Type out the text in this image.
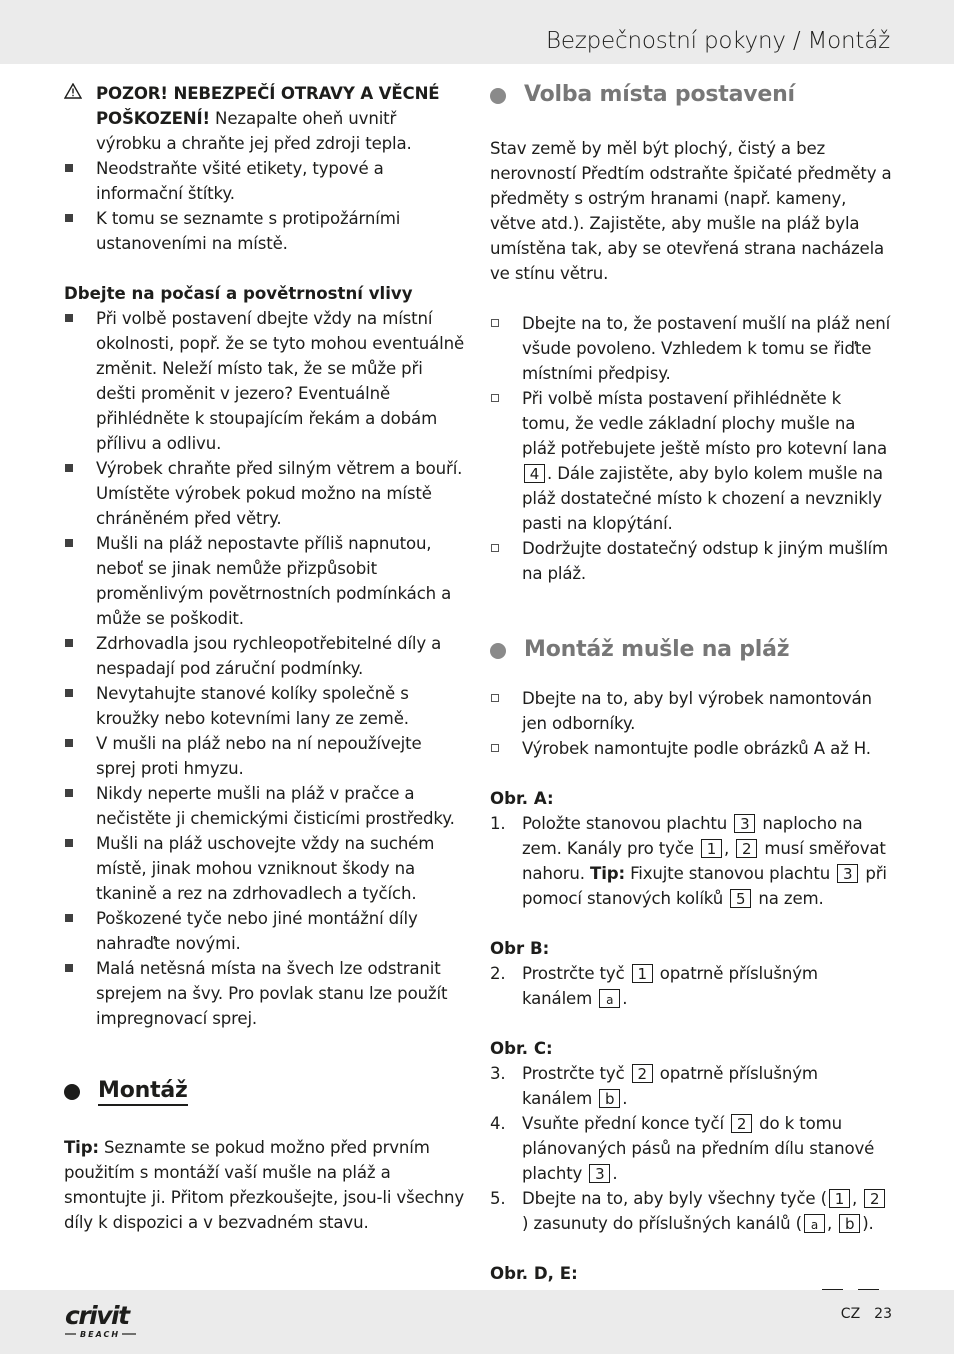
Bezpečnostní pokyny / Montáž
POZOR! NEBEZPEČÍ OTRAVY A VĚCNÉ POŠKOZENÍ! Nezapalte oheň uvnitř výrobku a chraňte jej před zdroji tepla.
Neodstraňte všité etikety, typové a informační štítky.
K tomu se seznamte s protipožárními ustanoveními na místě.
Dbejte na počasí a povětrnostní vlivy
Při volbě postavení dbejte vždy na místní okolnosti, popř. že se tyto mohou eventuálně změnit. Neleží místo tak, že se může při dešti proměnit v jezero? Eventuálně přihlédněte k stoupajícím řekám a dobám přílivu a odlivu.
Výrobek chraňte před silným větrem a bouří. Umístěte výrobek pokud možno na místě chráněném před větry.
Mušli na pláž nepostavte příliš napnutou, neboť se jinak nemůže přizpůsobit proměnlivým povětrnostních podmínkách a může se poškodit.
Zdrhovadla jsou rychleopotřebitelné díly a nespadají pod záruční podmínky.
Nevytahujte stanové kolíky společně s kroužky nebo kotevními lany ze země.
V mušli na pláž nebo na ní nepoužívejte sprej proti hmyzu.
Nikdy neperte mušli na pláž v pračce a nečistěte ji chemickými čisticími prostředky.
Mušli na pláž uschovejte vždy na suchém místě, jinak mohou vzniknout škody na tkanině a rez na zdrhovadlech a tyčích.
Poškozené tyče nebo jiné montážní díly nahraďte novými.
Malá netěsná místa na švech lze odstranit sprejem na švy. Pro povlak stanu lze použít impregnovací sprej.
Montáž

Tip: Seznamte se pokud možno před prvním použitím s montáží vaší mušle na pláž a smontujte ji. Přitom přezkoušejte, jsou-li všechny díly k dispozici a v bezvadném stavu.

Volba místa postavení

Stav země by měl být plochý, čistý a bez nerovností Předtím odstraňte špičaté předměty a předměty s ostrým hranami (např. kameny, větve atd.). Zajistěte, aby mušle na pláž byla umístěna tak, aby se otevřená strana nacházela ve stínu větru.

Dbejte na to, že postavení mušlí na pláž není všude povoleno. Vzhledem k tomu se řiďte místními předpisy.
Při volbě místa postavení přihlédněte k tomu, že vedle základní plochy mušle na pláž potřebujete ještě místo pro kotevní lana 4 . Dále zajistěte, aby bylo kolem mušle na pláž dostatečné místo k chození a nevznikly pasti na klopýtání.
Dodržujte dostatečný odstup k jiným mušlím na pláž.
Montáž mušle na pláž
Dbejte na to, aby byl výrobek namontován jen odborníky.
Výrobek namontujte podle obrázků A až H.
Obr. A:
1. Položte stanovou plachtu 3 naplocho na zem. Kanály pro tyče 1 , 2 musí směřovat nahoru. Tip: Fixujte stanovou plachtu 3 při pomocí stanových kolíků 5 na zem.
Obr B:
2. Prostrčte tyč 1 opatrně příslušným kanálem a .
Obr. C:
3. Prostrčte tyč 2 opatrně příslušným kanálem b .
4. Vsuňte přední konce tyčí 2 do k tomu plánovaných pásů na předním dílu stanové plachty 3 .
5. Dbejte na to, aby byly všechny tyče ( 1 , 2) zasunuty do příslušných kanálů ( a , b ).
Obr. D, E:

crivit
BEACH
CZ 23
